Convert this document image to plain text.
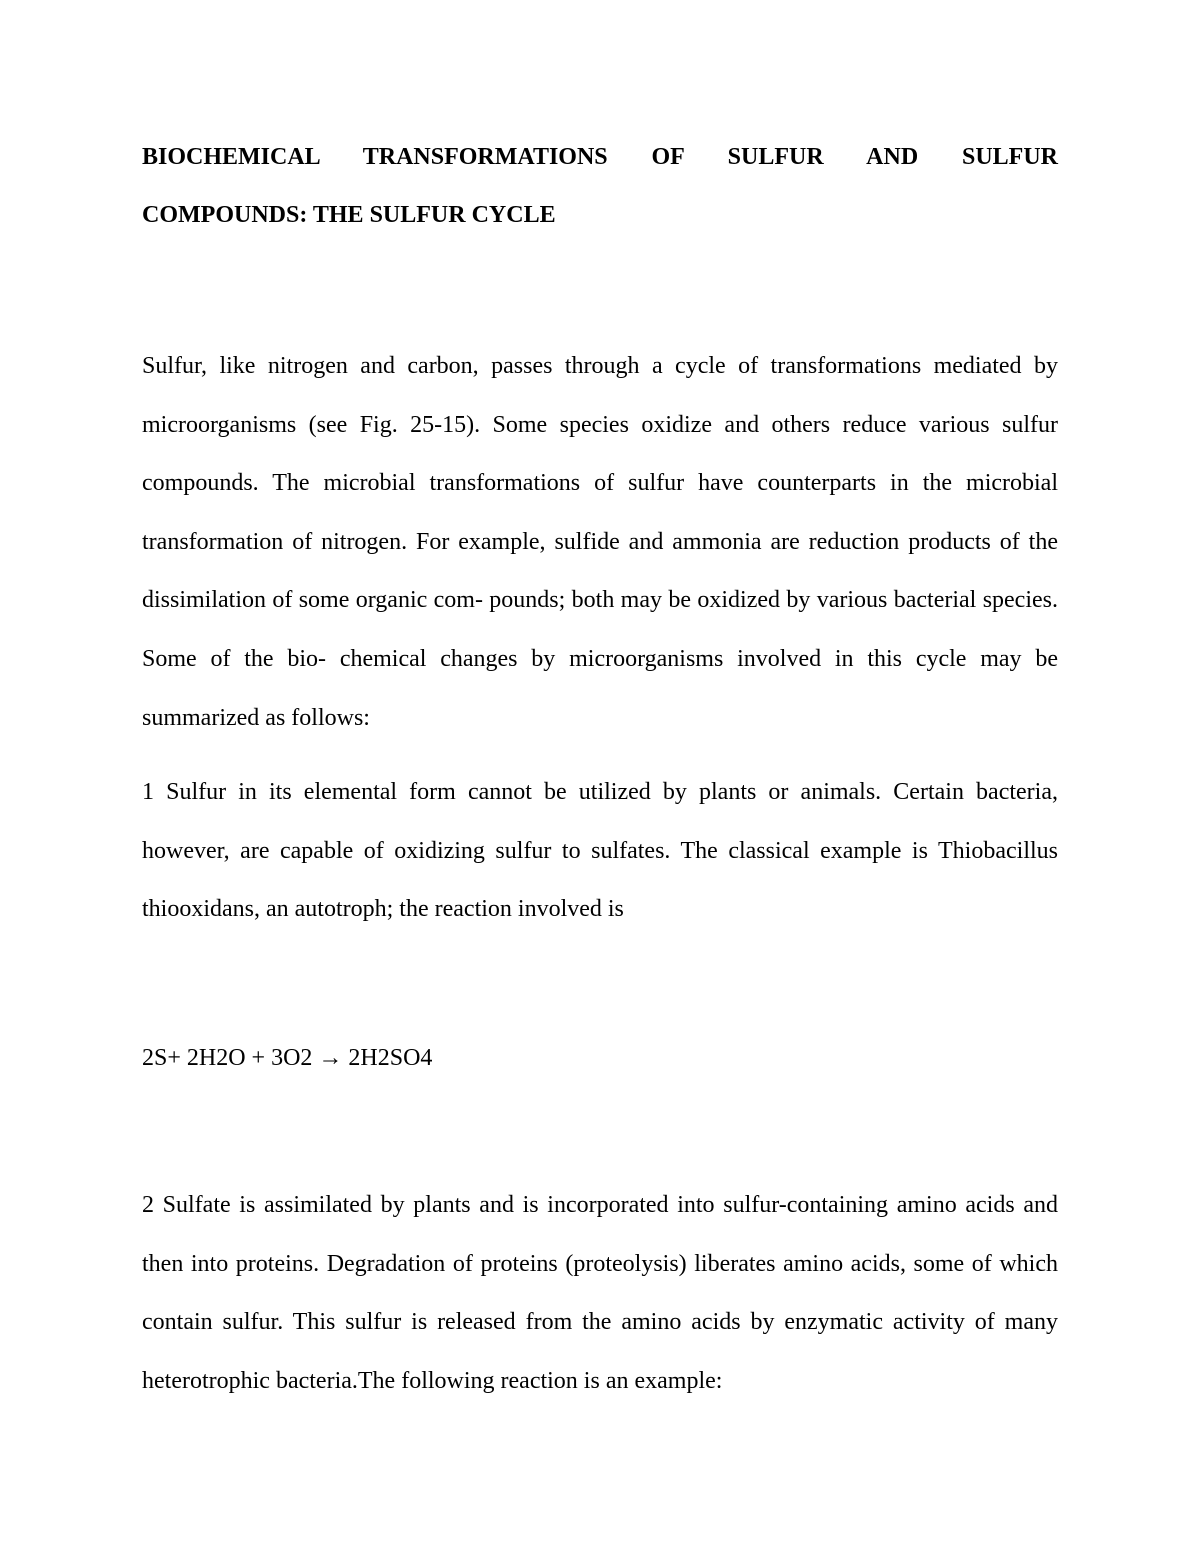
BIOCHEMICAL TRANSFORMATIONS OF SULFUR AND SULFUR
COMPOUNDS: THE SULFUR CYCLE
Sulfur, like nitrogen and carbon, passes through a cycle of transformations mediated by microorganisms (see Fig. 25-15). Some species oxidize and others reduce various sulfur compounds. The microbial transformations of sulfur have counterparts in the microbial transformation of nitrogen. For example, sulfide and ammonia are reduction products of the dissimilation of some organic com- pounds; both may be oxidized by various bacterial species. Some of the bio- chemical changes by microorganisms involved in this cycle may be summarized as follows:
1 Sulfur in its elemental form cannot be utilized by plants or animals. Certain bacteria, however, are capable of oxidizing sulfur to sulfates. The classical example is Thiobacillus thiooxidans, an autotroph; the reaction involved is
2S+ 2H2O + 3O2 → 2H2SO4
2 Sulfate is assimilated by plants and is incorporated into sulfur-containing amino acids and then into proteins. Degradation of proteins (proteolysis) liberates amino acids, some of which contain sulfur. This sulfur is released from the amino acids by enzymatic activity of many heterotrophic bacteria.The following reaction is an example:
